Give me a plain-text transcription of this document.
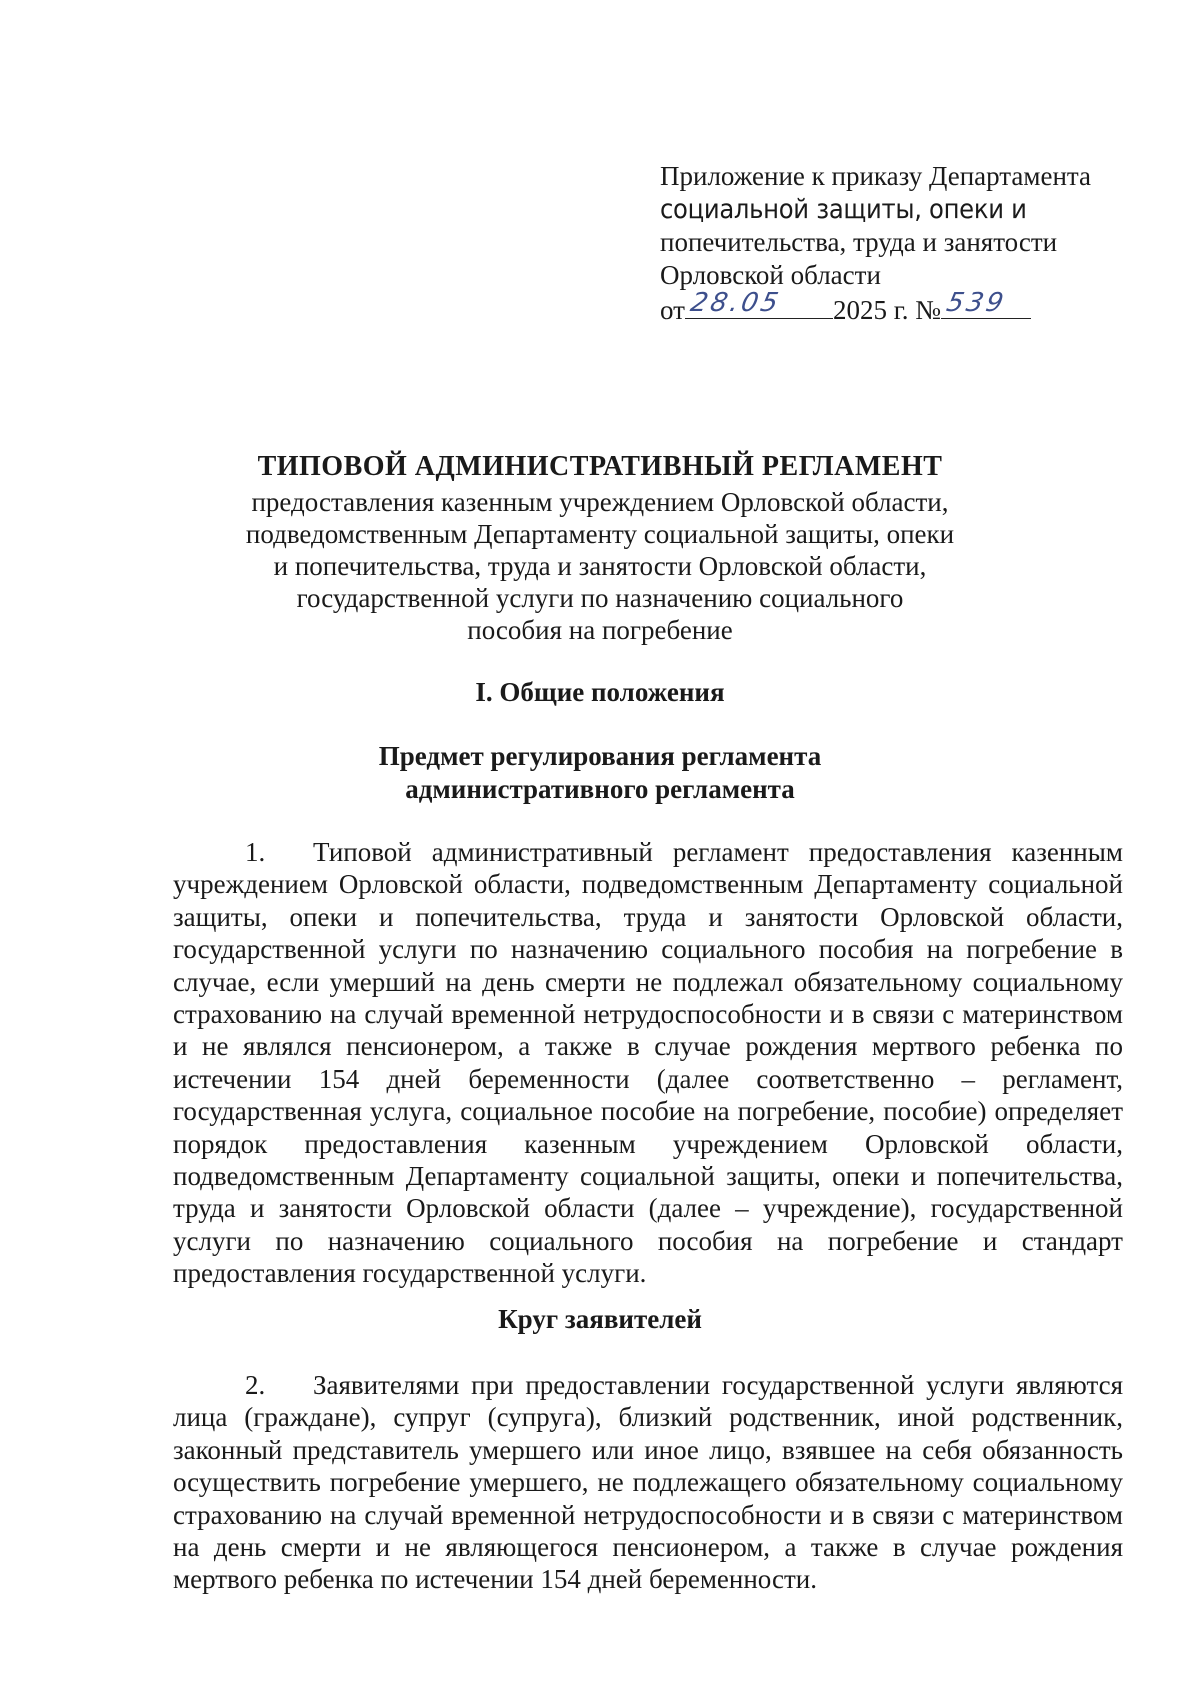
Приложение к приказу Департамента
социальной защиты, опеки и
попечительства, труда и занятости
Орловской области
от 28.05 2025 г. № 539
ТИПОВОЙ АДМИНИСТРАТИВНЫЙ РЕГЛАМЕНТ

предоставления казенным учреждением Орловской области,
подведомственным Департаменту социальной защиты, опеки
и попечительства, труда и занятости Орловской области,
государственной услуги по назначению социального
пособия на погребение

I. Общие положения
Предмет регулирования регламента
административного регламента

1. Типовой административный регламент предоставления казенным учреждением Орловской области, подведомственным Департаменту социальной защиты, опеки и попечительства, труда и занятости Орловской области, государственной услуги по назначению социального пособия на погребение в случае, если умерший на день смерти не подлежал обязательному социальному страхованию на случай временной нетрудоспособности и в связи с материнством и не являлся пенсионером, а также в случае рождения мертвого ребенка по истечении 154 дней беременности (далее соответственно – регламент, государственная услуга, социальное пособие на погребение, пособие) определяет порядок предоставления казенным учреждением Орловской области, подведомственным Департаменту социальной защиты, опеки и попечительства, труда и занятости Орловской области (далее – учреждение), государственной услуги по назначению социального пособия на погребение и стандарт предоставления государственной услуги.

Круг заявителей

2. Заявителями при предоставлении государственной услуги являются лица (граждане), супруг (супруга), близкий родственник, иной родственник, законный представитель умершего или иное лицо, взявшее на себя обязанность осуществить погребение умершего, не подлежащего обязательному социальному страхованию на случай временной нетрудоспособности и в связи с материнством на день смерти и не являющегося пенсионером, а также в случае рождения мертвого ребенка по истечении 154 дней беременности.
